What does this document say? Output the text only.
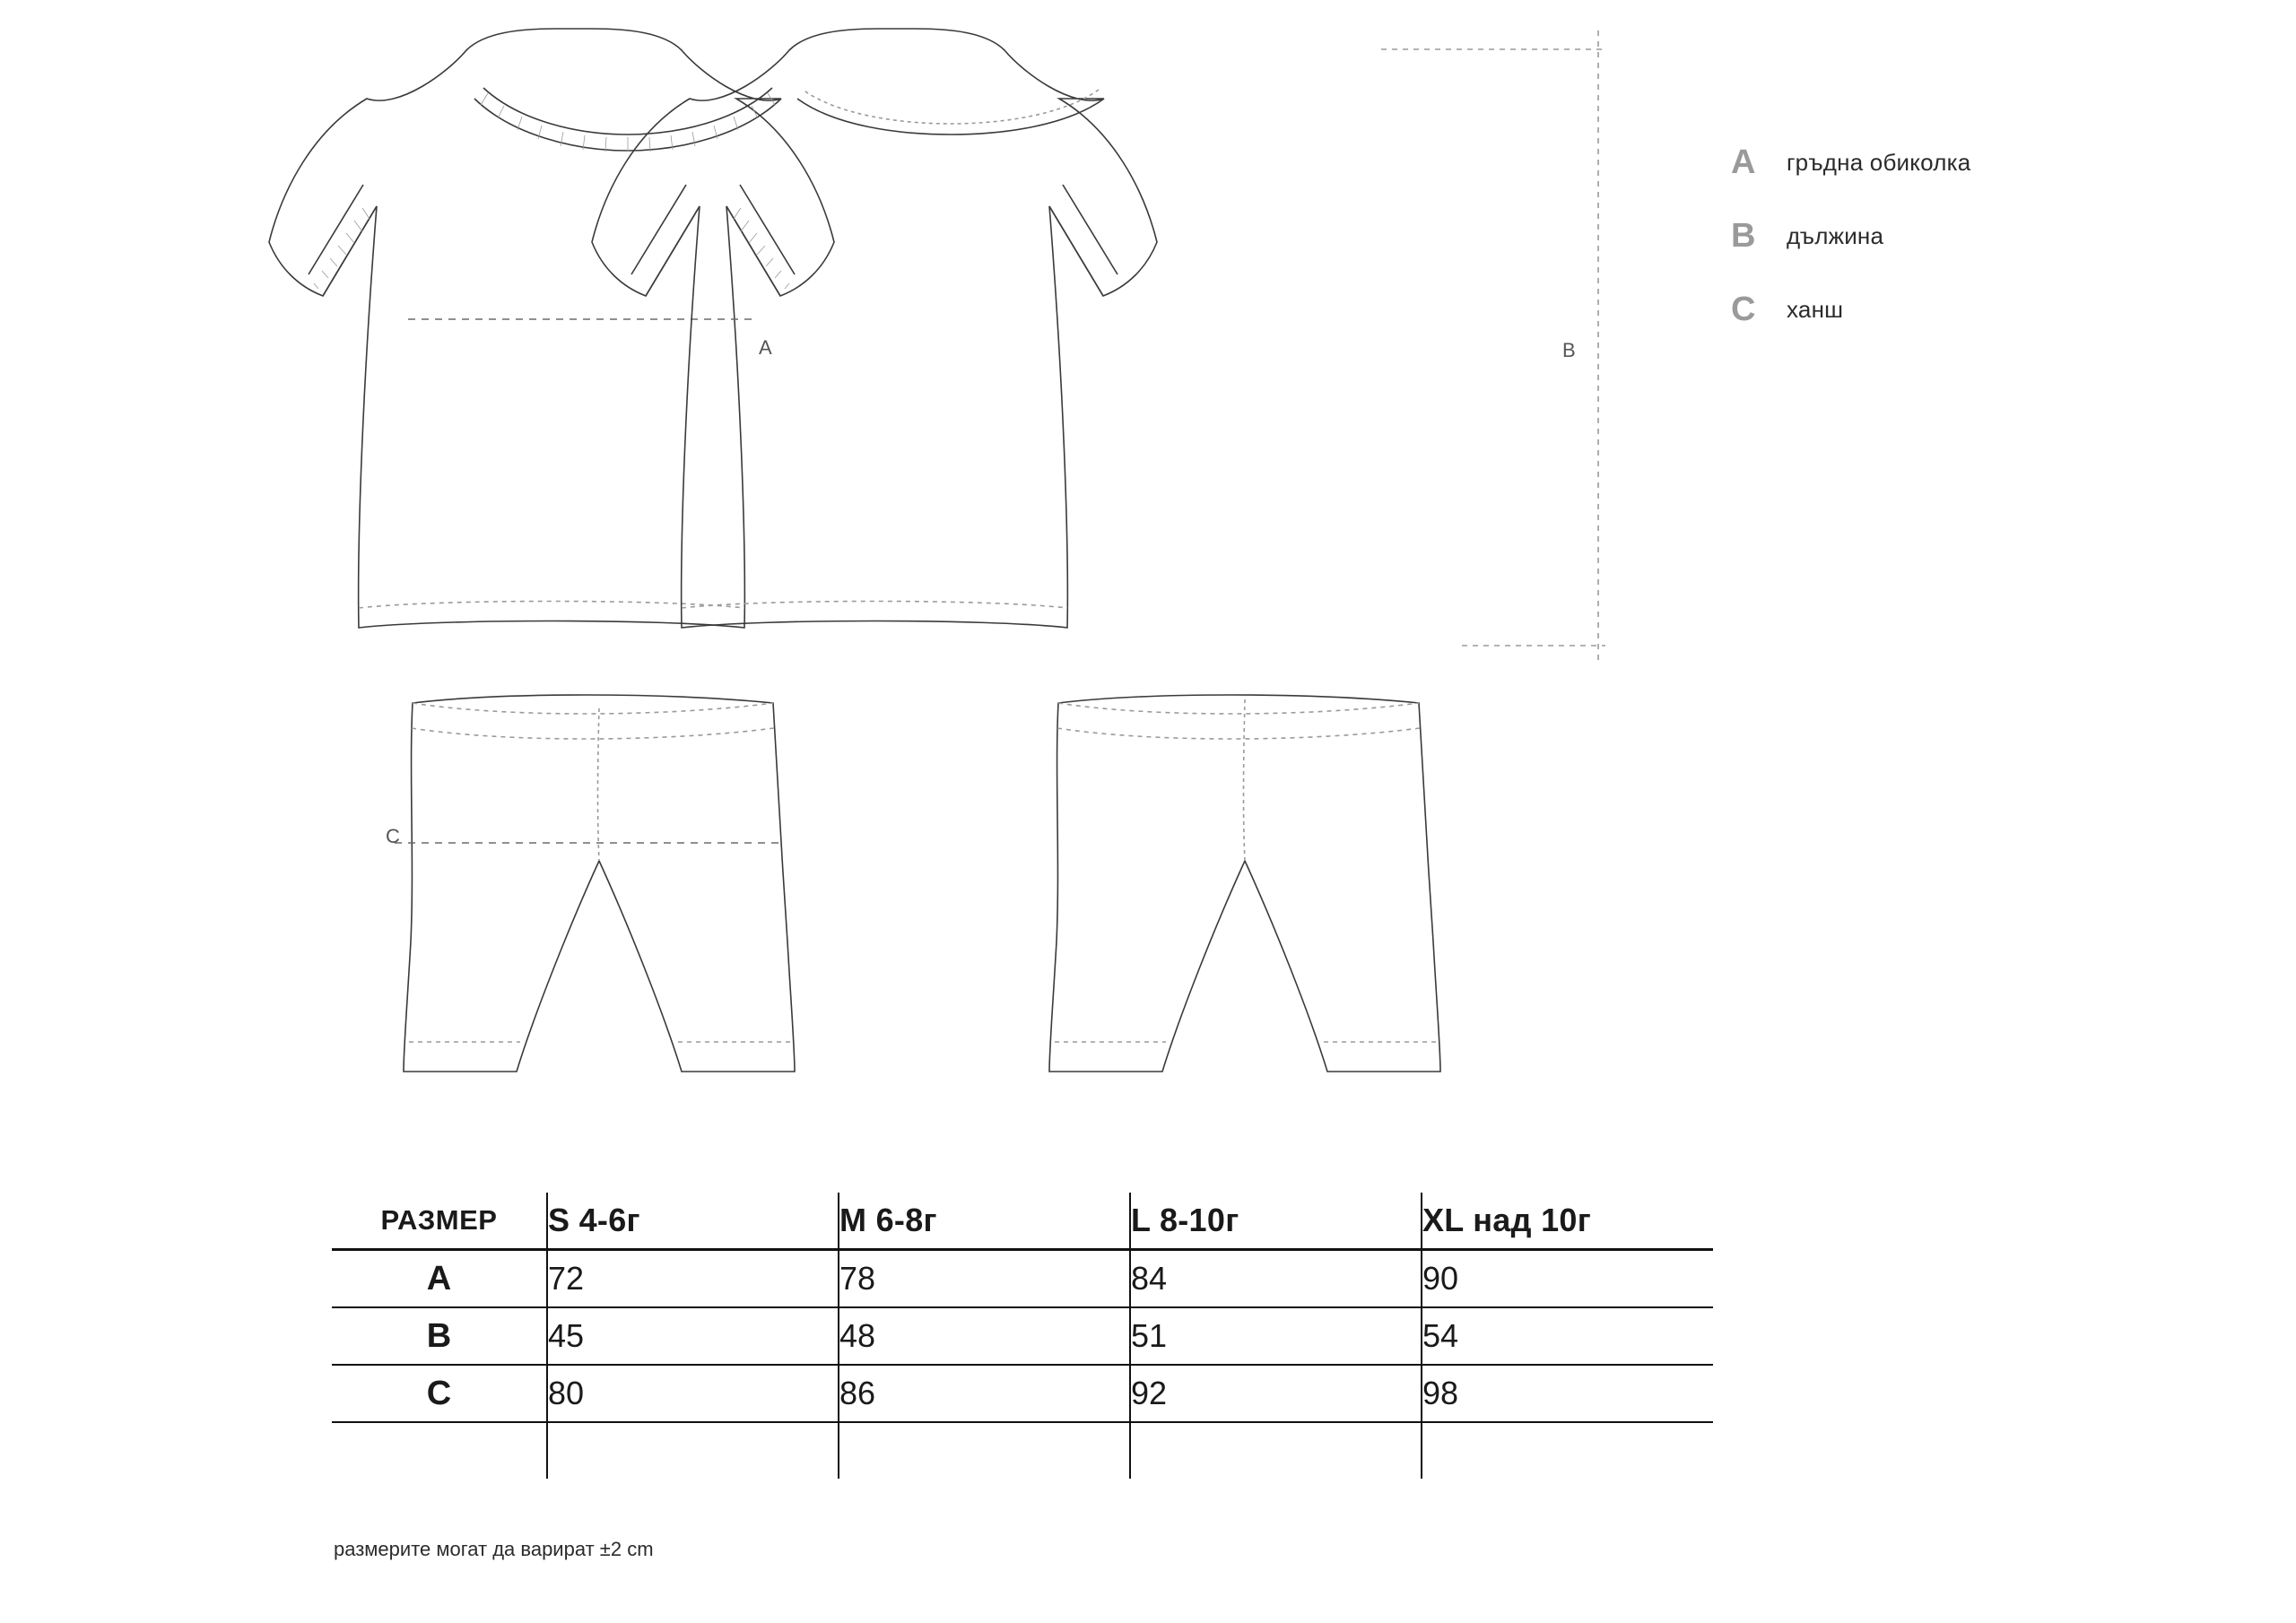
A	B
C
A	гръдна обиколка
B	дължина
C	ханш
РАЗМЕР	S 4-6г	M 6-8г	L 8-10г	XL над 10г
A	72	78	84	90
B	45	48	51	54
C	80	86	92	98

размерите могат да варират ±2 cm
